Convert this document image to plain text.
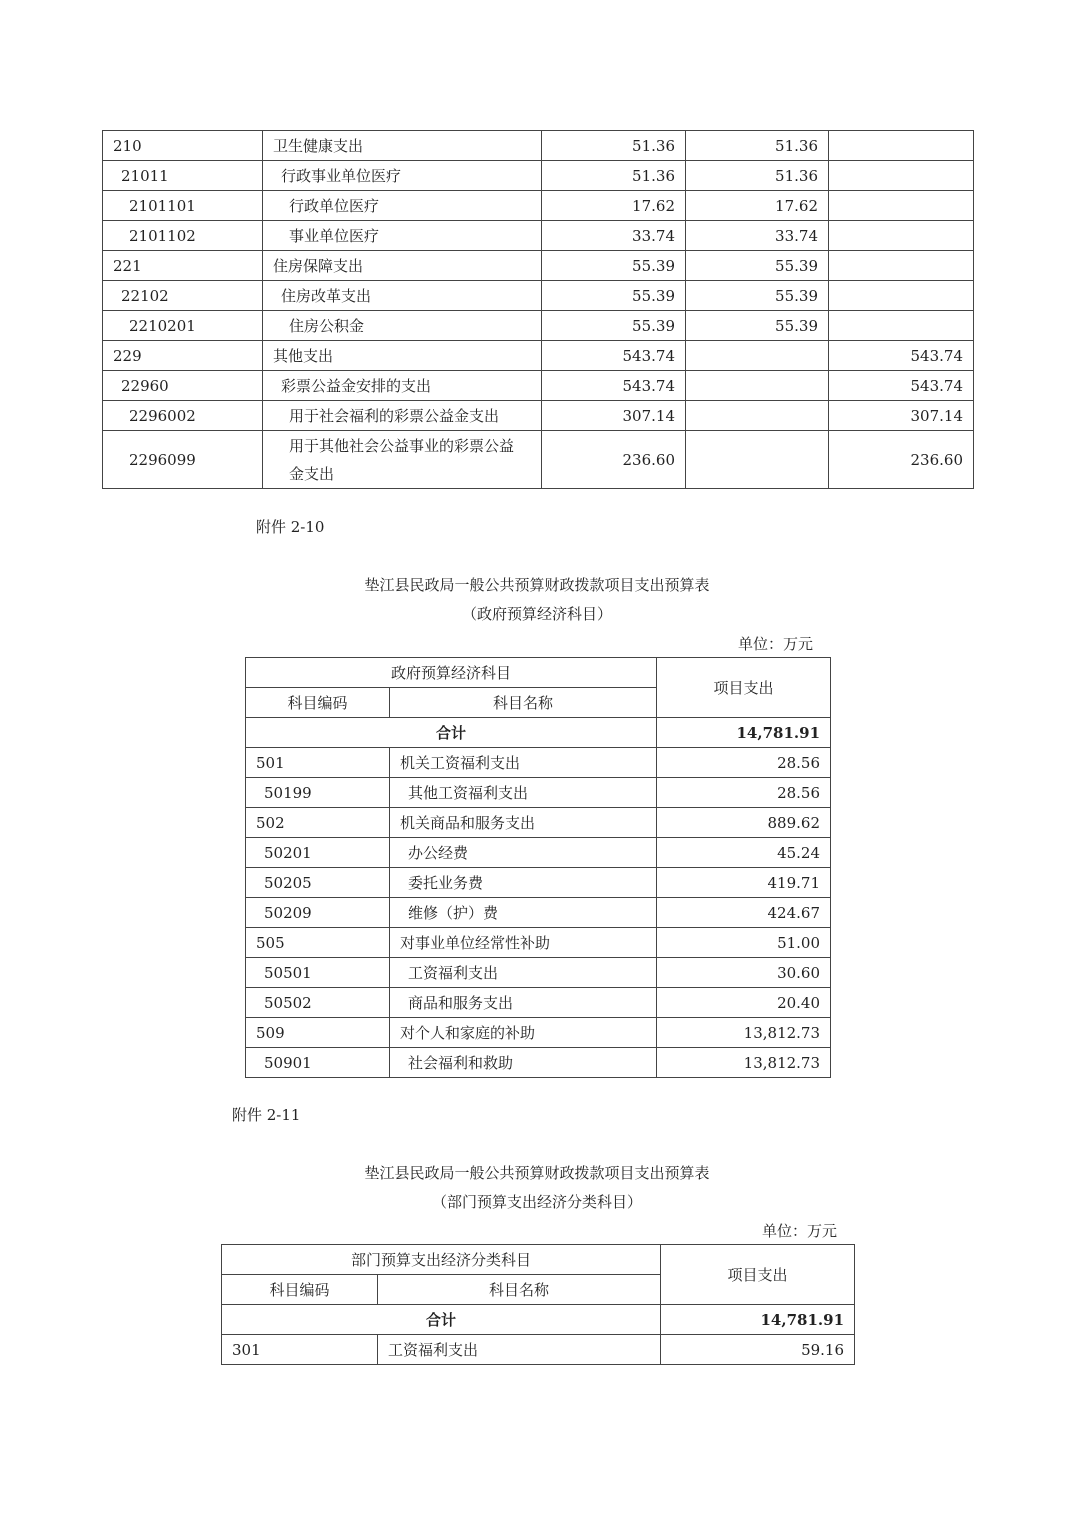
210	卫生健康支出	51.36	51.36	
21011	行政事业单位医疗	51.36	51.36	
2101101	行政单位医疗	17.62	17.62	
2101102	事业单位医疗	33.74	33.74	
221	住房保障支出	55.39	55.39	
22102	住房改革支出	55.39	55.39	
2210201	住房公积金	55.39	55.39	
229	其他支出	543.74		543.74
22960	彩票公益金安排的支出	543.74		543.74
2296002	用于社会福利的彩票公益金支出	307.14		307.14
2296099	用于其他社会公益事业的彩票公益金支出	236.60		236.60
附件 2-10
垫江县民政局一般公共预算财政拨款项目支出预算表
（政府预算经济科目）
单位：万元
政府预算经济科目		项目支出
科目编码	科目名称	
合计		14,781.91
501	机关工资福利支出	28.56
50199	其他工资福利支出	28.56
502	机关商品和服务支出	889.62
50201	办公经费	45.24
50205	委托业务费	419.71
50209	维修（护）费	424.67
505	对事业单位经常性补助	51.00
50501	工资福利支出	30.60
50502	商品和服务支出	20.40
509	对个人和家庭的补助	13,812.73
50901	社会福利和救助	13,812.73
附件 2-11
垫江县民政局一般公共预算财政拨款项目支出预算表
（部门预算支出经济分类科目）
单位：万元
部门预算支出经济分类科目		项目支出
科目编码	科目名称	
合计		14,781.91
301	工资福利支出	59.16
